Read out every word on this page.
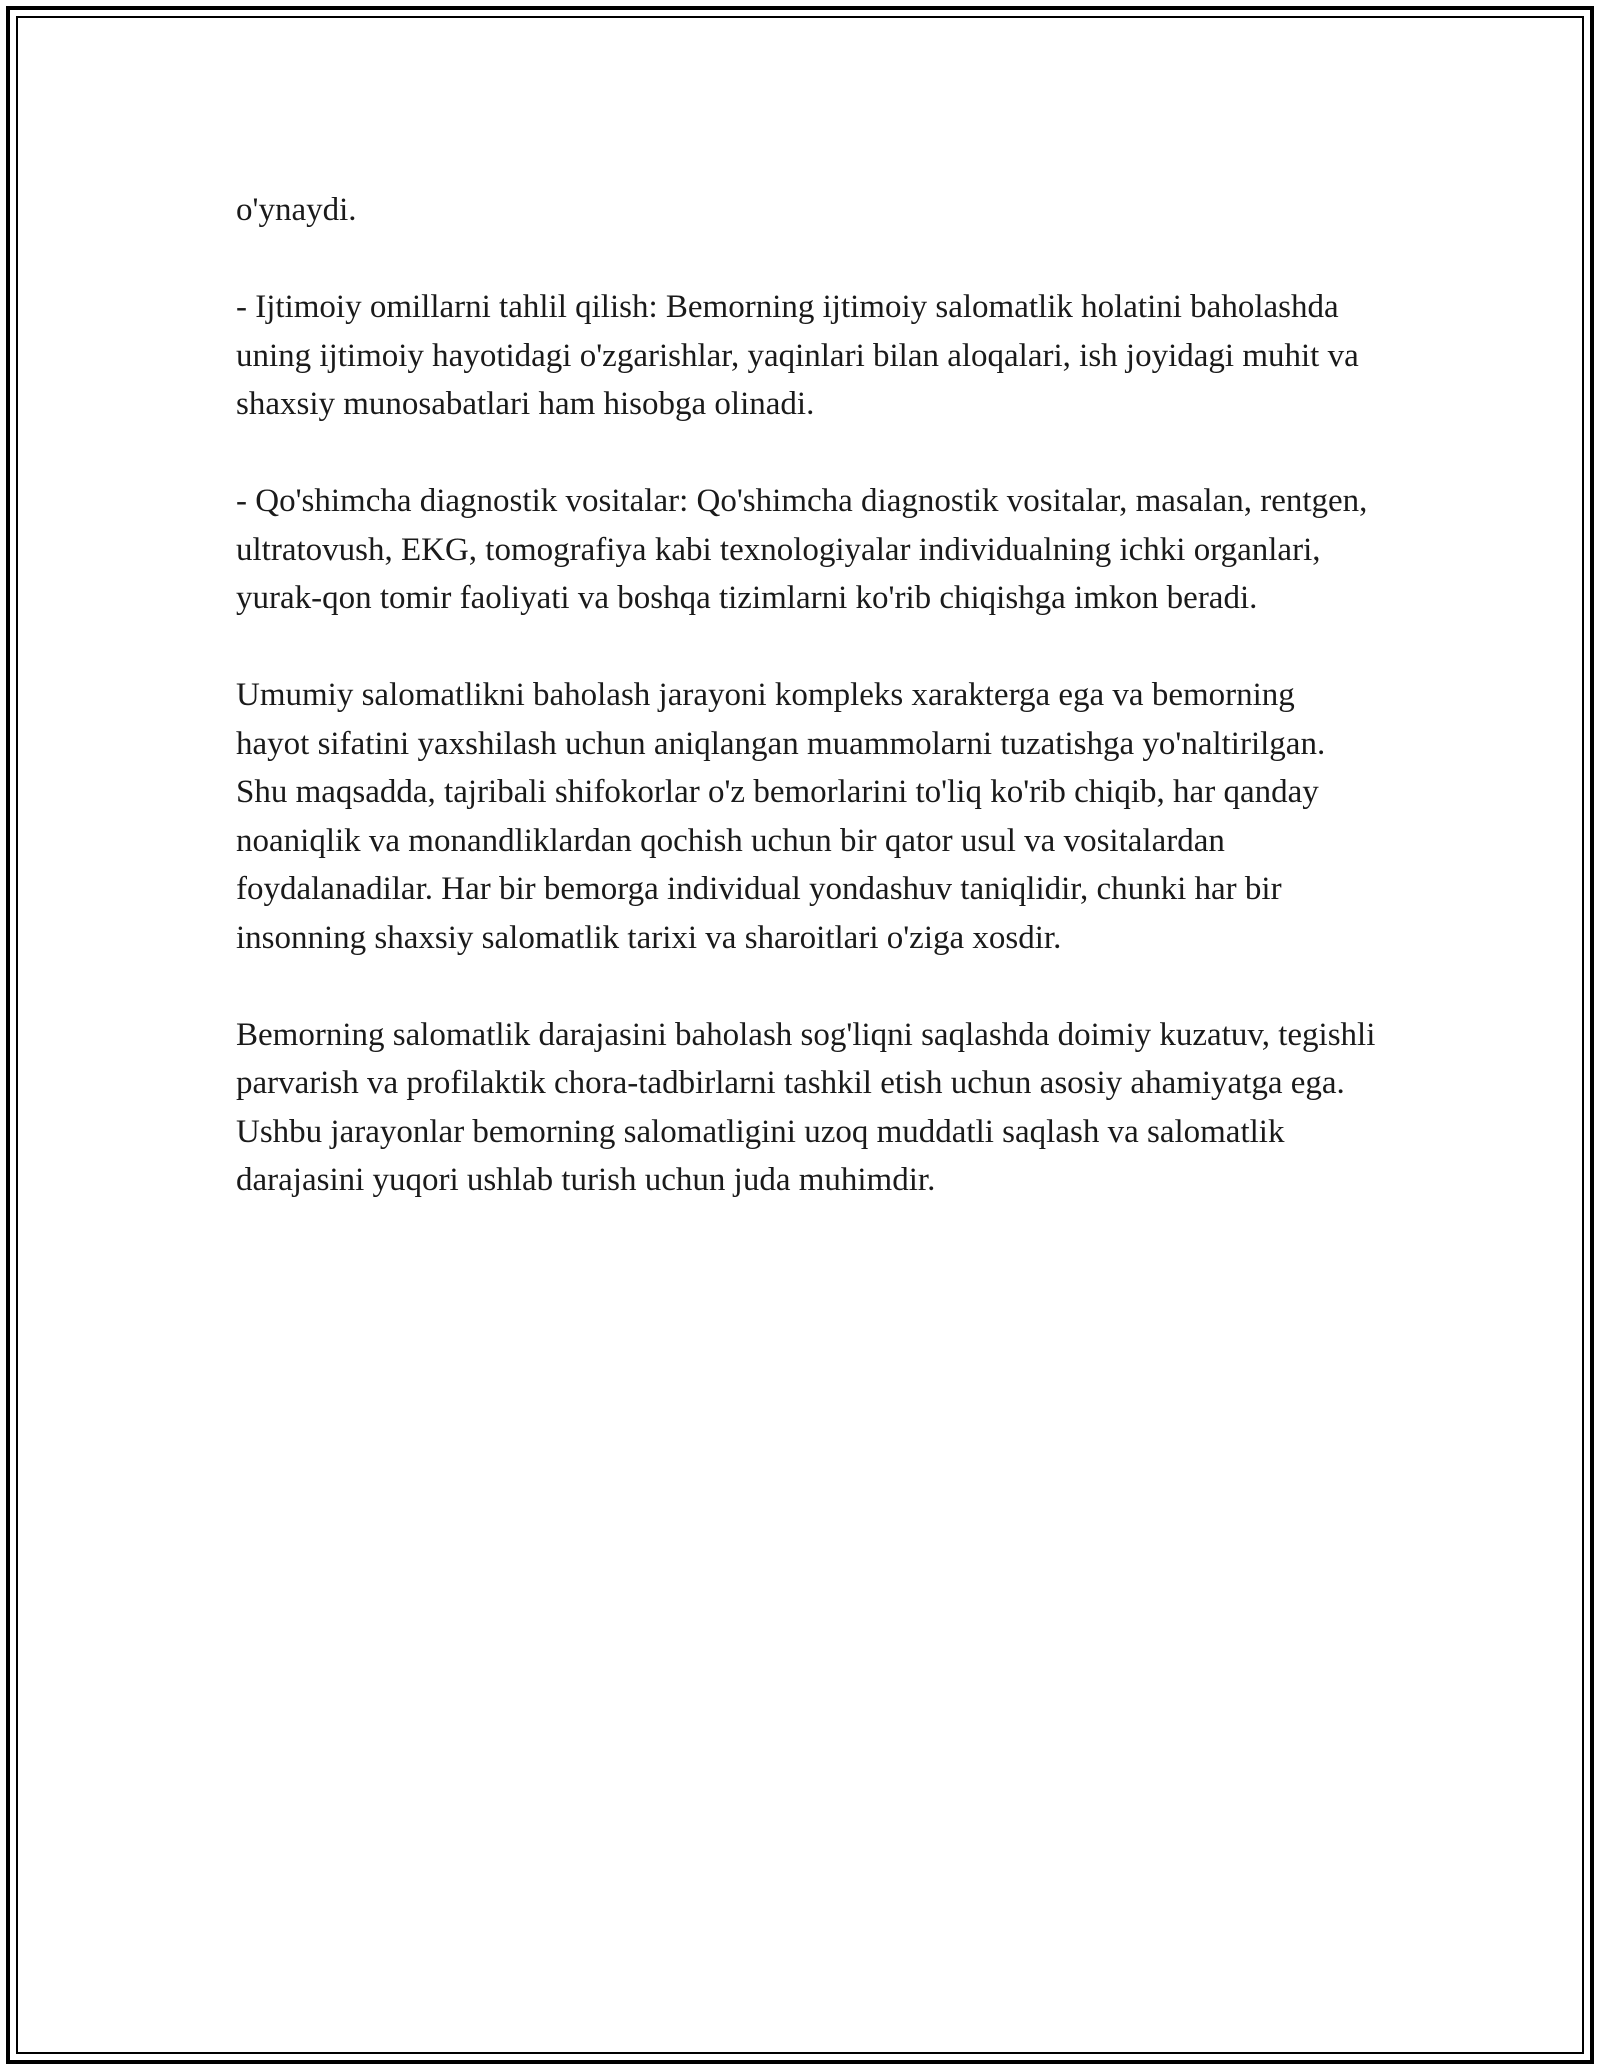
o'ynaydi.

- Ijtimoiy omillarni tahlil qilish: Bemorning ijtimoiy salomatlik holatini baholashda uning ijtimoiy hayotidagi o'zgarishlar, yaqinlari bilan aloqalari, ish joyidagi muhit va shaxsiy munosabatlari ham hisobga olinadi.

- Qo'shimcha diagnostik vositalar: Qo'shimcha diagnostik vositalar, masalan, rentgen, ultratovush, EKG, tomografiya kabi texnologiyalar individualning ichki organlari, yurak-qon tomir faoliyati va boshqa tizimlarni ko'rib chiqishga imkon beradi.

Umumiy salomatlikni baholash jarayoni kompleks xarakterga ega va bemorning hayot sifatini yaxshilash uchun aniqlangan muammolarni tuzatishga yo'naltirilgan. Shu maqsadda, tajribali shifokorlar o'z bemorlarini to'liq ko'rib chiqib, har qanday noaniqlik va monandliklardan qochish uchun bir qator usul va vositalardan foydalanadilar. Har bir bemorga individual yondashuv taniqlidir, chunki har bir insonning shaxsiy salomatlik tarixi va sharoitlari o'ziga xosdir.

Bemorning salomatlik darajasini baholash sog'liqni saqlashda doimiy kuzatuv, tegishli parvarish va profilaktik chora-tadbirlarni tashkil etish uchun asosiy ahamiyatga ega. Ushbu jarayonlar bemorning salomatligini uzoq muddatli saqlash va salomatlik darajasini yuqori ushlab turish uchun juda muhimdir.
